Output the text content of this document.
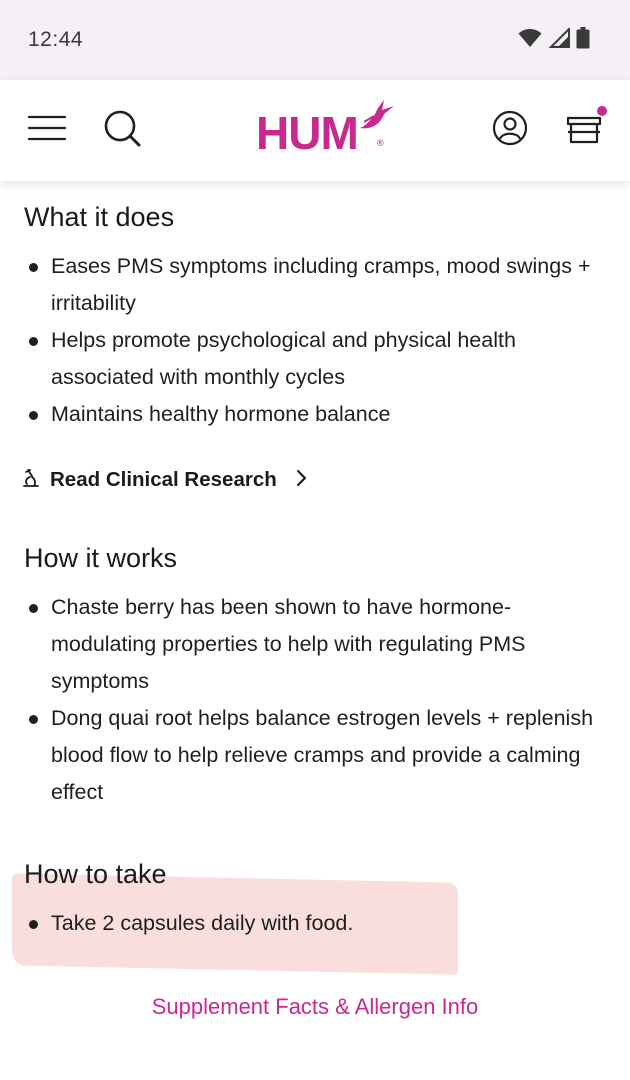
12:44
HUM ®
What it does
Eases PMS symptoms including cramps, mood swings + irritability
Helps promote psychological and physical health associated with monthly cycles
Maintains healthy hormone balance
Read Clinical Research
How it works
Chaste berry has been shown to have hormone-modulating properties to help with regulating PMS symptoms
Dong quai root helps balance estrogen levels + replenish blood flow to help relieve cramps and provide a calming effect
How to take
Take 2 capsules daily with food.
Supplement Facts & Allergen Info
